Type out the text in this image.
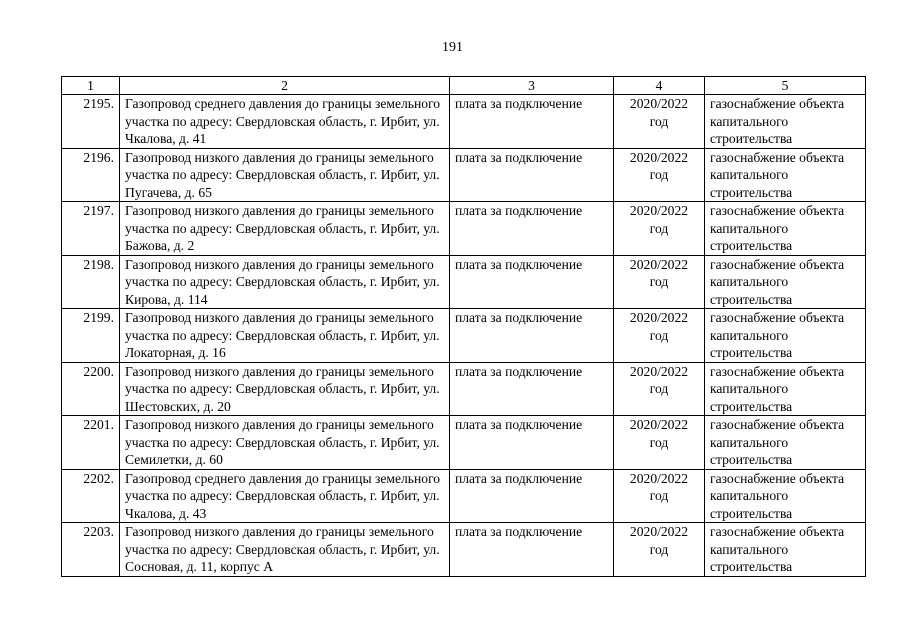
191
1	2	3	4	5
2195.	Газопровод среднего давления до границы земельного участка по адресу: Свердловская область, г. Ирбит, ул. Чкалова, д. 41	плата за подключение	2020/2022 год	газоснабжение объекта капитального строительства
2196.	Газопровод низкого давления до границы земельного участка по адресу: Свердловская область, г. Ирбит, ул. Пугачева, д. 65	плата за подключение	2020/2022 год	газоснабжение объекта капитального строительства
2197.	Газопровод низкого давления до границы земельного участка по адресу: Свердловская область, г. Ирбит, ул. Бажова, д. 2	плата за подключение	2020/2022 год	газоснабжение объекта капитального строительства
2198.	Газопровод низкого давления до границы земельного участка по адресу: Свердловская область, г. Ирбит, ул. Кирова, д. 114	плата за подключение	2020/2022 год	газоснабжение объекта капитального строительства
2199.	Газопровод низкого давления до границы земельного участка по адресу: Свердловская область, г. Ирбит, ул. Локаторная, д. 16	плата за подключение	2020/2022 год	газоснабжение объекта капитального строительства
2200.	Газопровод низкого давления до границы земельного участка по адресу: Свердловская область, г. Ирбит, ул. Шестовских, д. 20	плата за подключение	2020/2022 год	газоснабжение объекта капитального строительства
2201.	Газопровод низкого давления до границы земельного участка по адресу: Свердловская область, г. Ирбит, ул. Семилетки, д. 60	плата за подключение	2020/2022 год	газоснабжение объекта капитального строительства
2202.	Газопровод среднего давления до границы земельного участка по адресу: Свердловская область, г. Ирбит, ул. Чкалова, д. 43	плата за подключение	2020/2022 год	газоснабжение объекта капитального строительства
2203.	Газопровод низкого давления до границы земельного участка по адресу: Свердловская область, г. Ирбит, ул. Сосновая, д. 11, корпус А	плата за подключение	2020/2022 год	газоснабжение объекта капитального строительства
